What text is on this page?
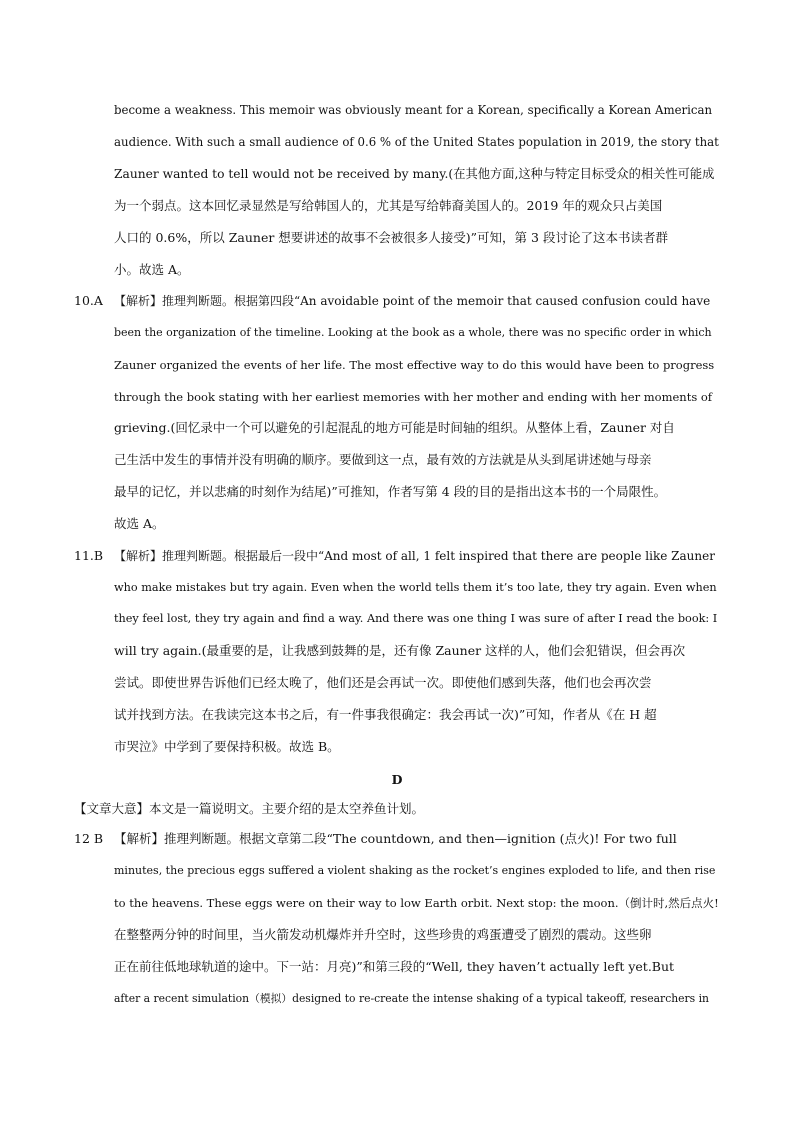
become a weakness. This memoir was obviously meant for a Korean, specifically a Korean American
audience. With such a small audience of 0.6 % of the United States population in 2019, the story that
Zauner wanted to tell would not be received by many.(在其他方面,这种与特定目标受众的相关性可能成
为一个弱点。这本回忆录显然是写给韩国人的，尤其是写给韩裔美国人的。2019 年的观众只占美国
人口的 0.6%，所以 Zauner 想要讲述的故事不会被很多人接受)”可知，第 3 段讨论了这本书读者群
小。故选 A。
10.A 【解析】推理判断题。根据第四段“An avoidable point of the memoir that caused confusion could have
been the organization of the timeline. Looking at the book as a whole, there was no specific order in which
Zauner organized the events of her life. The most effective way to do this would have been to progress
through the book stating with her earliest memories with her mother and ending with her moments of
grieving.(回忆录中一个可以避免的引起混乱的地方可能是时间轴的组织。从整体上看，Zauner 对自
己生活中发生的事情并没有明确的顺序。要做到这一点，最有效的方法就是从头到尾讲述她与母亲
最早的记忆，并以悲痛的时刻作为结尾)”可推知，作者写第 4 段的目的是指出这本书的一个局限性。
故选 A。
11.B 【解析】推理判断题。根据最后一段中“And most of all, 1 felt inspired that there are people like Zauner
who make mistakes but try again. Even when the world tells them it’s too late, they try again. Even when
they feel lost, they try again and find a way. And there was one thing I was sure of after I read the book: I
will try again.(最重要的是，让我感到鼓舞的是，还有像 Zauner 这样的人，他们会犯错误，但会再次
尝试。即使世界告诉他们已经太晚了，他们还是会再试一次。即使他们感到失落，他们也会再次尝
试并找到方法。在我读完这本书之后，有一件事我很确定：我会再试一次)”可知，作者从《在 H 超
市哭泣》中学到了要保持积极。故选 B。
D
【文章大意】本文是一篇说明文。主要介绍的是太空养鱼计划。
12 B 【解析】推理判断题。根据文章第二段“The countdown, and then—ignition (点火)! For two full
minutes, the precious eggs suffered a violent shaking as the rocket’s engines exploded to life, and then rise
to the heavens. These eggs were on their way to low Earth orbit. Next stop: the moon.（倒计时,然后点火!
在整整两分钟的时间里，当火箭发动机爆炸并升空时，这些珍贵的鸡蛋遭受了剧烈的震动。这些卵
正在前往低地球轨道的途中。下一站：月亮)”和第三段的“Well, they haven’t actually left yet.But
after a recent simulation（模拟）designed to re-create the intense shaking of a typical takeoff, researchers in
